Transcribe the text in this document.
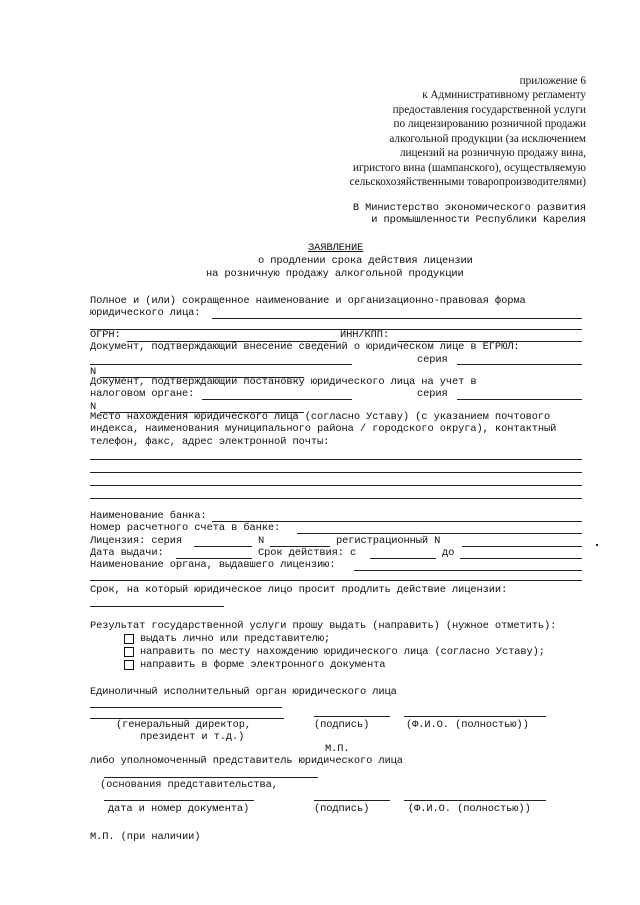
приложение 6
к Административному регламенту
предоставления государственной услуги
по лицензированию розничной продажи
алкогольной продукции (за исключением
лицензий на розничную продажу вина,
игристого вина (шампанского), осуществляемую
сельскохозяйственными товаропроизводителями)
В Министерство экономического развития
и промышленности Республики Карелия
ЗАЯВЛЕНИЕ
о продлении срока действия лицензии
на розничную продажу алкогольной продукции
Полное и (или) сокращенное наименование и организационно-правовая форма
юридического лица:
ОГРН:	ИНН/КПП:
Документ, подтверждающий внесение сведений о юридическом лице в ЕГРЮЛ:
серия
N
Документ, подтверждающий постановку юридического лица на учет в
налоговом органе:	серия
N
Место нахождения юридического лица (согласно Уставу) (с указанием почтового
индекса, наименования муниципального района / городского округа), контактный
телефон, факс, адрес электронной почты:
Наименование банка:
Номер расчетного счета в банке:
Лицензия: серия	N	регистрационный N
Дата выдачи:	Срок действия: с	до
Наименование органа, выдавшего лицензию:
Срок, на который юридическое лицо просит продлить действие лицензии:
Результат государственной услуги прошу выдать (направить) (нужное отметить):
выдать лично или представителю;
направить по месту нахождению юридического лица (согласно Уставу);
направить в форме электронного документа
Единоличный исполнительный орган юридического лица
(генеральный директор,
президент и т.д.)
(подпись)	(Ф.И.О. (полностью))
М.П.
либо уполномоченный представитель юридического лица
(основания представительства,
дата и номер документа)	(подпись)	(Ф.И.О. (полностью))
М.П. (при наличии)
